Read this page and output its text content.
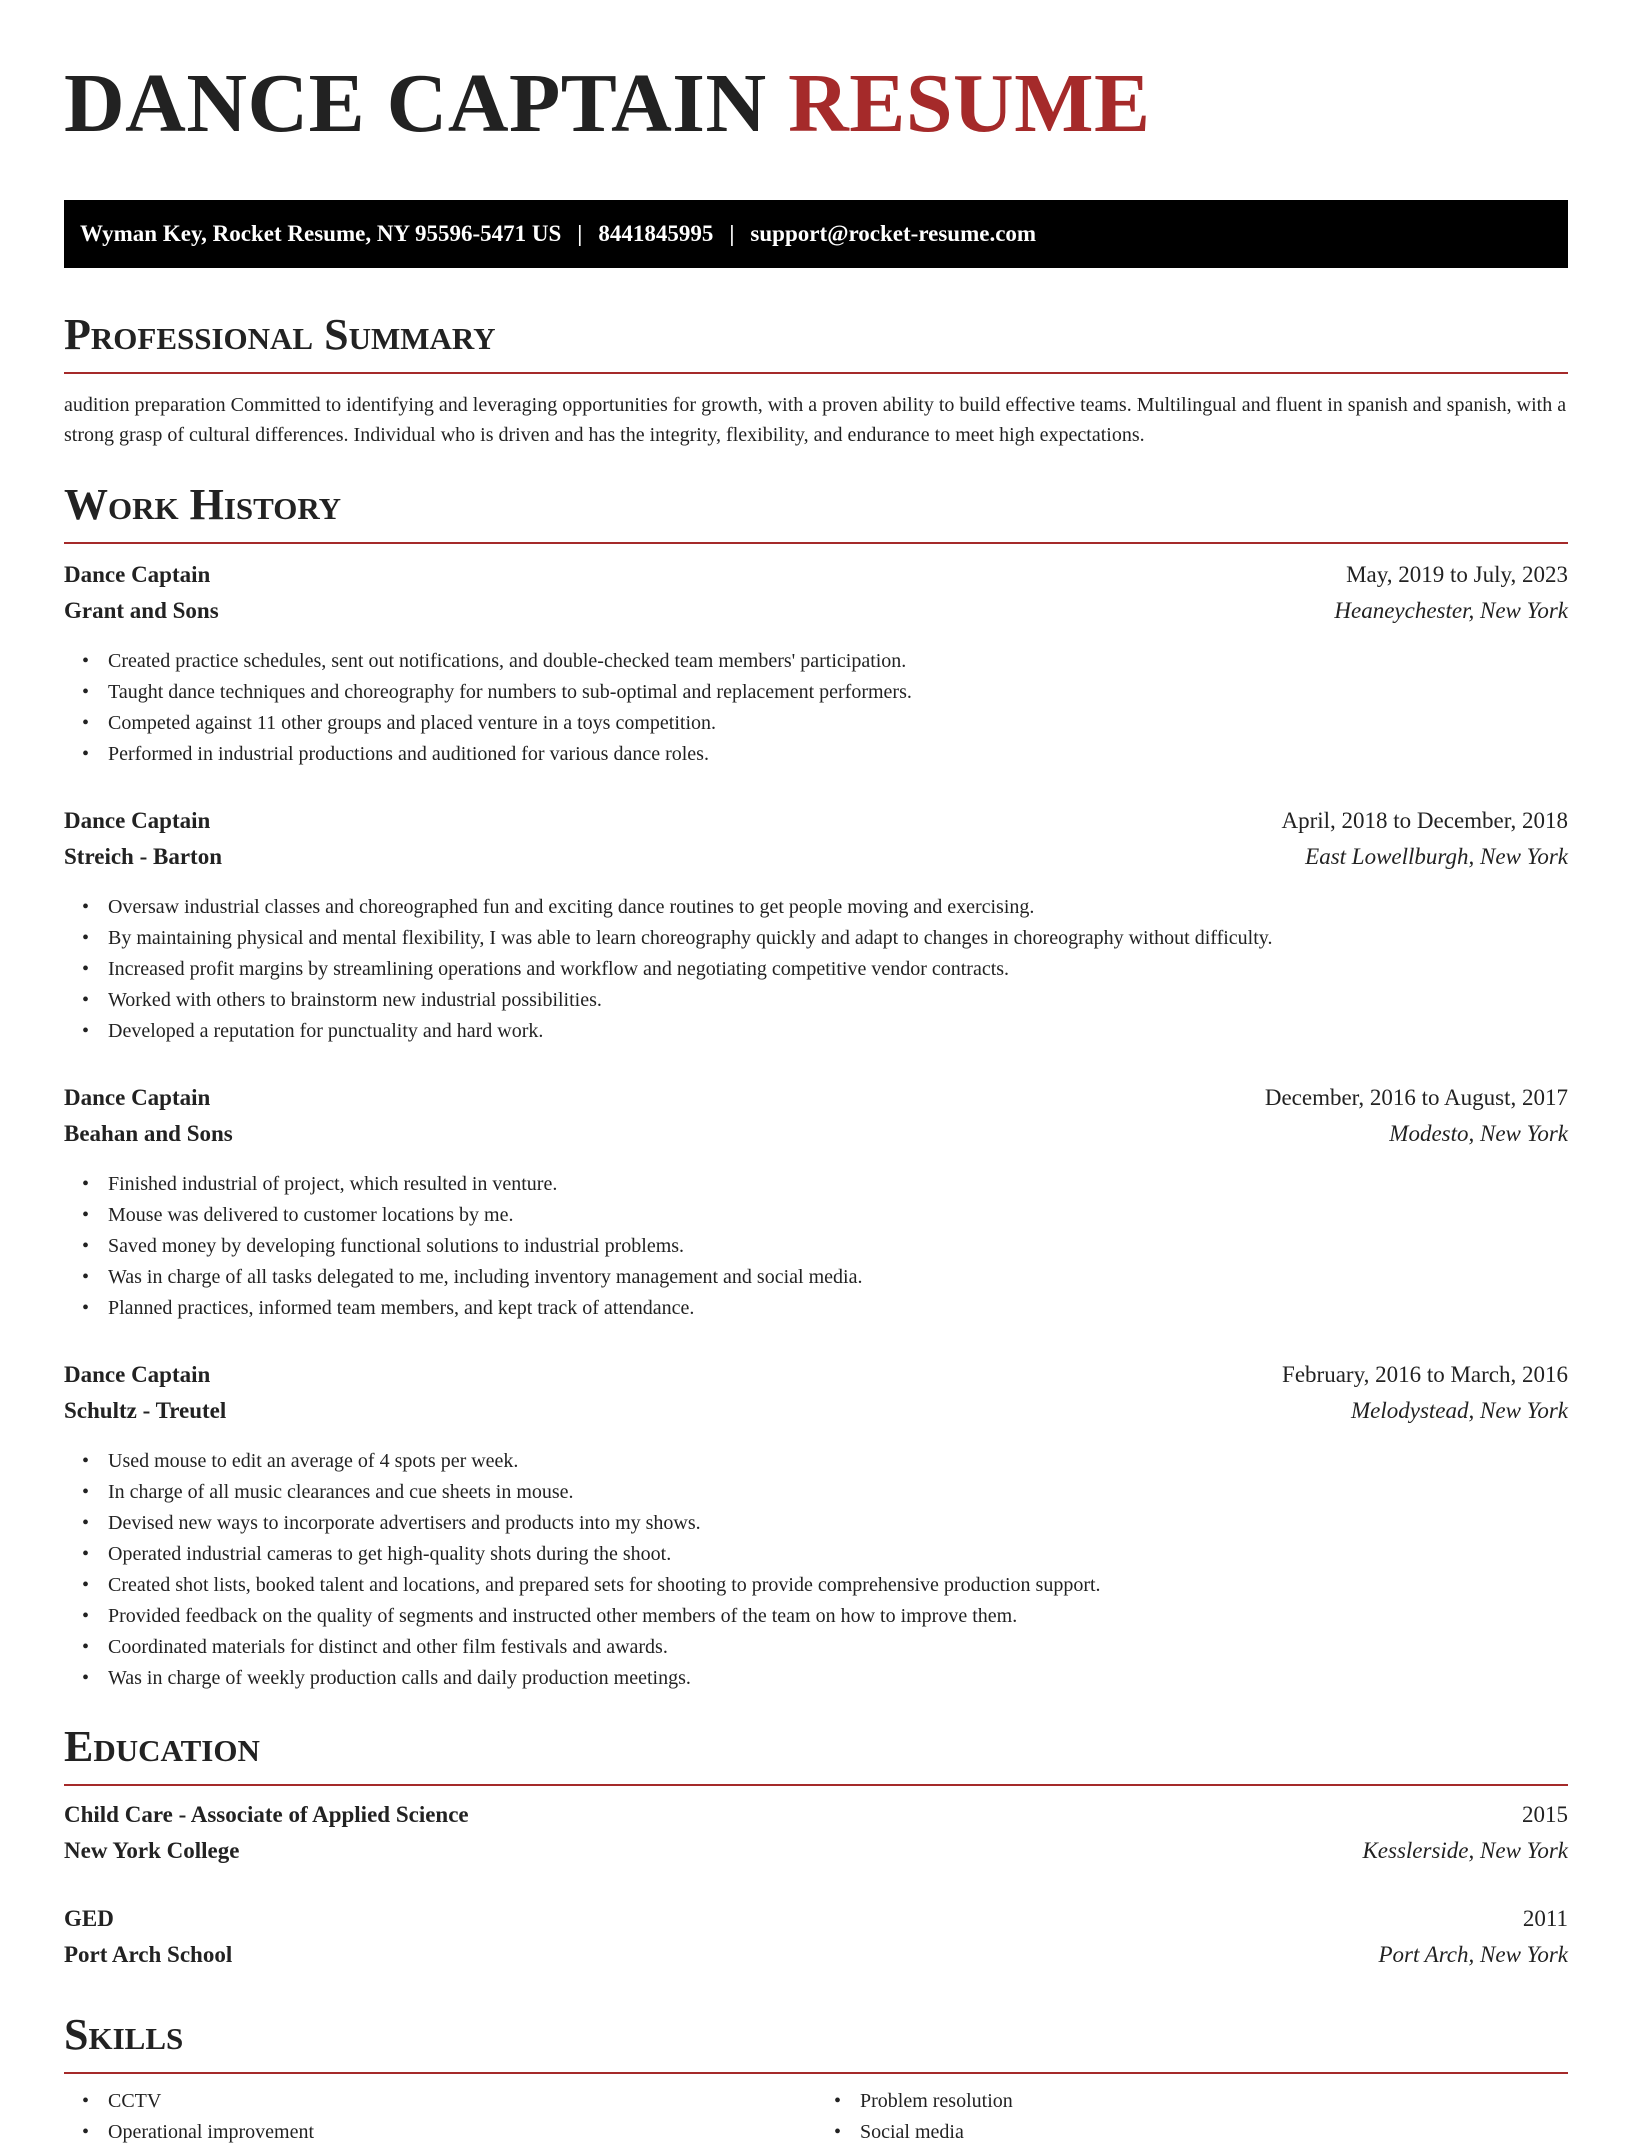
DANCE CAPTAIN RESUME
Wyman Key, Rocket Resume, NY 95596-5471 US | 8441845995 | support@rocket-resume.com
Professional Summary

audition preparation Committed to identifying and leveraging opportunities for growth, with a proven ability to build effective teams. Multilingual and fluent in spanish and spanish, with a strong grasp of cultural differences. Individual who is driven and has the integrity, flexibility, and endurance to meet high expectations.

Work History
Dance Captain	May, 2019 to July, 2023
Grant and Sons	Heaneychester, New York
• Created practice schedules, sent out notifications, and double-checked team members' participation.
• Taught dance techniques and choreography for numbers to sub-optimal and replacement performers.
• Competed against 11 other groups and placed venture in a toys competition.
• Performed in industrial productions and auditioned for various dance roles.
Dance Captain	April, 2018 to December, 2018
Streich - Barton	East Lowellburgh, New York
• Oversaw industrial classes and choreographed fun and exciting dance routines to get people moving and exercising.
• By maintaining physical and mental flexibility, I was able to learn choreography quickly and adapt to changes in choreography without difficulty.
• Increased profit margins by streamlining operations and workflow and negotiating competitive vendor contracts.
• Worked with others to brainstorm new industrial possibilities.
• Developed a reputation for punctuality and hard work.
Dance Captain	December, 2016 to August, 2017
Beahan and Sons	Modesto, New York
• Finished industrial of project, which resulted in venture.
• Mouse was delivered to customer locations by me.
• Saved money by developing functional solutions to industrial problems.
• Was in charge of all tasks delegated to me, including inventory management and social media.
• Planned practices, informed team members, and kept track of attendance.
Dance Captain	February, 2016 to March, 2016
Schultz - Treutel	Melodystead, New York
• Used mouse to edit an average of 4 spots per week.
• In charge of all music clearances and cue sheets in mouse.
• Devised new ways to incorporate advertisers and products into my shows.
• Operated industrial cameras to get high-quality shots during the shoot.
• Created shot lists, booked talent and locations, and prepared sets for shooting to provide comprehensive production support.
• Provided feedback on the quality of segments and instructed other members of the team on how to improve them.
• Coordinated materials for distinct and other film festivals and awards.
• Was in charge of weekly production calls and daily production meetings.
Education
Child Care - Associate of Applied Science	2015
New York College	Kesslerside, New York
GED	2011
Port Arch School	Port Arch, New York
Skills
• CCTV
• Operational improvement
• Problem resolution
• Social media
